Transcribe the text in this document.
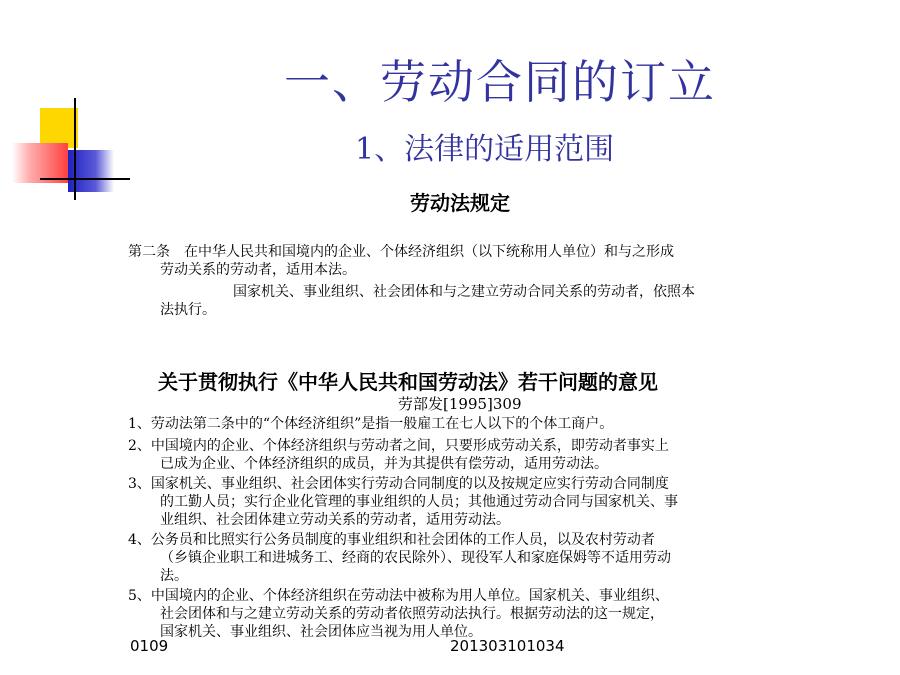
一、劳动合同的订立
1、法律的适用范围
劳动法规定
第二条　在中华人民共和国境内的企业、个体经济组织（以下统称用人单位）和与之形成
劳动关系的劳动者，适用本法。
国家机关、事业组织、社会团体和与之建立劳动合同关系的劳动者，依照本
法执行。
关于贯彻执行《中华人民共和国劳动法》若干问题的意见
劳部发[1995]309
1、劳动法第二条中的“个体经济组织”是指一般雇工在七人以下的个体工商户。
2、中国境内的企业、个体经济组织与劳动者之间，只要形成劳动关系，即劳动者事实上
已成为企业、个体经济组织的成员，并为其提供有偿劳动，适用劳动法。
3、国家机关、事业组织、社会团体实行劳动合同制度的以及按规定应实行劳动合同制度
的工勤人员；实行企业化管理的事业组织的人员；其他通过劳动合同与国家机关、事
业组织、社会团体建立劳动关系的劳动者，适用劳动法。
4、公务员和比照实行公务员制度的事业组织和社会团体的工作人员，以及农村劳动者
（乡镇企业职工和进城务工、经商的农民除外）、现役军人和家庭保姆等不适用劳动
法。
5、中国境内的企业、个体经济组织在劳动法中被称为用人单位。国家机关、事业组织、
社会团体和与之建立劳动关系的劳动者依照劳动法执行。根据劳动法的这一规定，
国家机关、事业组织、社会团体应当视为用人单位。
0109	201303101034
